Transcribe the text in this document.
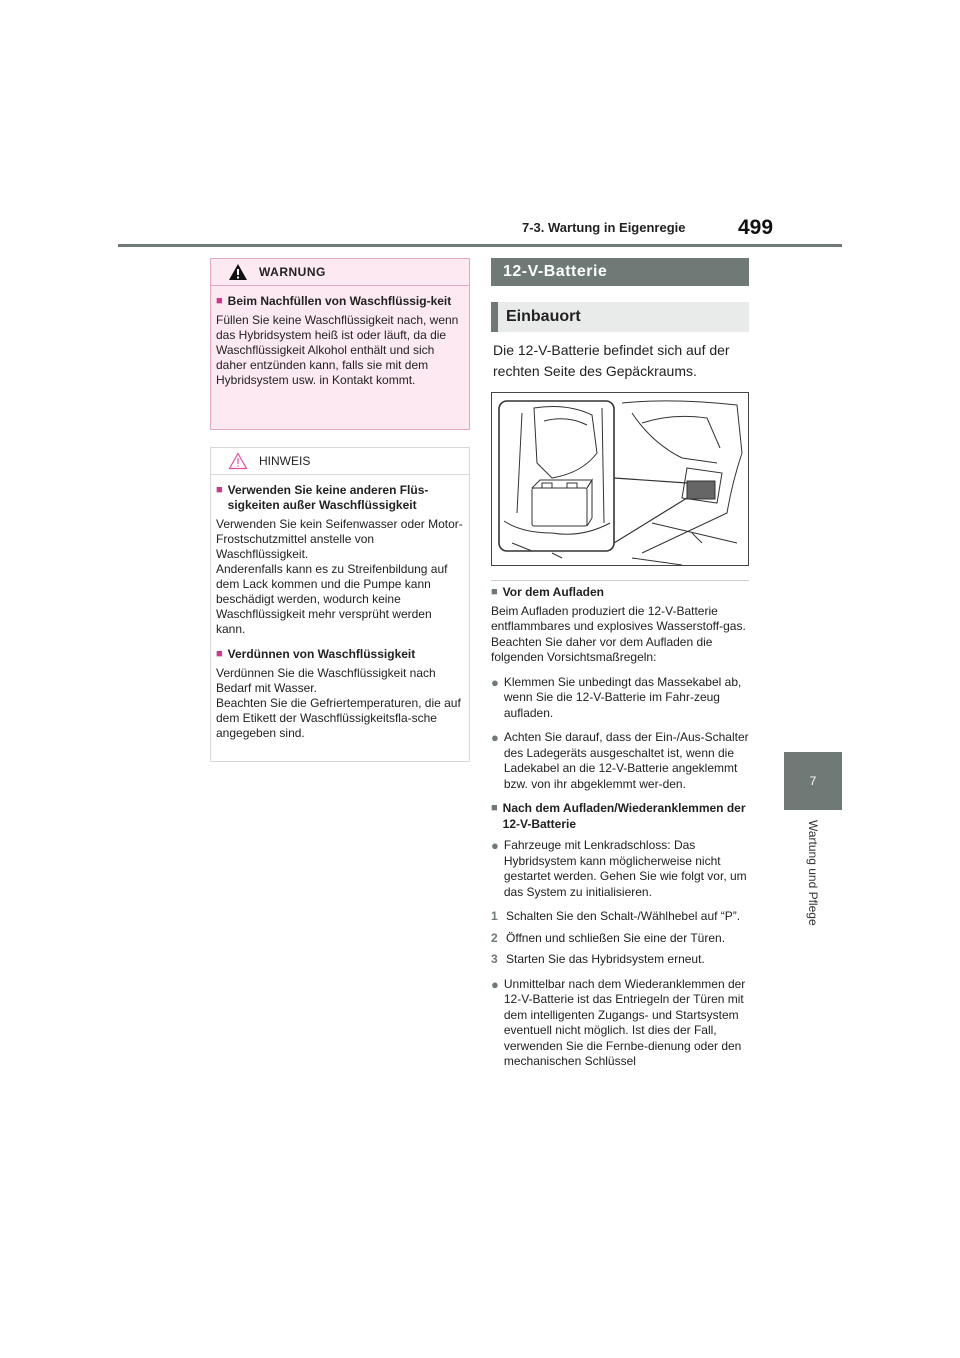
7-3. Wartung in Eigenregie	499
7
Wartung und Pflege
WARNUNG
■ Beim Nachfüllen von Waschflüssig-keit
Füllen Sie keine Waschflüssigkeit nach, wenn das Hybridsystem heiß ist oder läuft, da die Waschflüssigkeit Alkohol enthält und sich daher entzünden kann, falls sie mit dem Hybridsystem usw. in Kontakt kommt.
HINWEIS
■ Verwenden Sie keine anderen Flüs-sigkeiten außer Waschflüssigkeit
Verwenden Sie kein Seifenwasser oder Motor-Frostschutzmittel anstelle von Waschflüssigkeit.
Anderenfalls kann es zu Streifenbildung auf dem Lack kommen und die Pumpe kann beschädigt werden, wodurch keine Waschflüssigkeit mehr versprüht werden kann.
■ Verdünnen von Waschflüssigkeit
Verdünnen Sie die Waschflüssigkeit nach Bedarf mit Wasser.
Beachten Sie die Gefriertemperaturen, die auf dem Etikett der Waschflüssigkeitsfla-sche angegeben sind.
12-V-Batterie
Einbauort
Die 12-V-Batterie befindet sich auf der rechten Seite des Gepäckraums.
■ Vor dem Aufladen
Beim Aufladen produziert die 12-V-Batterie entflammbares und explosives Wasserstoff-gas. Beachten Sie daher vor dem Aufladen die folgenden Vorsichtsmaßregeln:
● Klemmen Sie unbedingt das Massekabel ab, wenn Sie die 12-V-Batterie im Fahr-zeug aufladen.
● Achten Sie darauf, dass der Ein-/Aus-Schalter des Ladegeräts ausgeschaltet ist, wenn die Ladekabel an die 12-V-Batterie angeklemmt bzw. von ihr abgeklemmt wer-den.
■ Nach dem Aufladen/Wiederanklemmen der 12-V-Batterie
● Fahrzeuge mit Lenkradschloss: Das Hybridsystem kann möglicherweise nicht gestartet werden. Gehen Sie wie folgt vor, um das System zu initialisieren.
1 Schalten Sie den Schalt-/Wählhebel auf “P”.
2 Öffnen und schließen Sie eine der Türen.
3 Starten Sie das Hybridsystem erneut.
● Unmittelbar nach dem Wiederanklemmen der 12-V-Batterie ist das Entriegeln der Türen mit dem intelligenten Zugangs- und Startsystem eventuell nicht möglich. Ist dies der Fall, verwenden Sie die Fernbe-dienung oder den mechanischen Schlüssel
